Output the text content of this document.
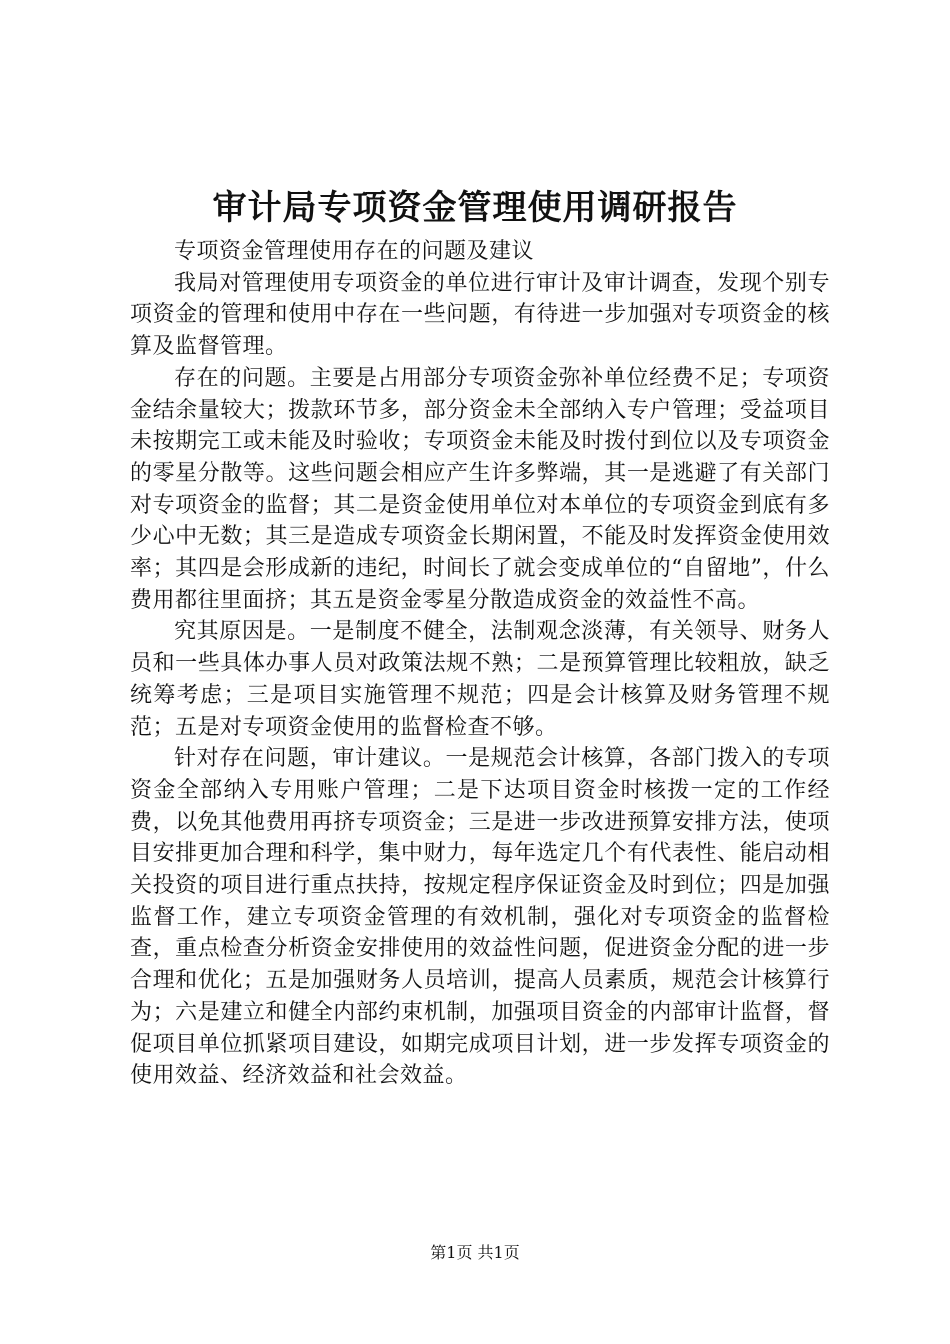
审计局专项资金管理使用调研报告

专项资金管理使用存在的问题及建议

我局对管理使用专项资金的单位进行审计及审计调查，发现个别专项资金的管理和使用中存在一些问题，有待进一步加强对专项资金的核算及监督管理。

存在的问题。主要是占用部分专项资金弥补单位经费不足；专项资金结余量较大；拨款环节多，部分资金未全部纳入专户管理；受益项目未按期完工或未能及时验收；专项资金未能及时拨付到位以及专项资金的零星分散等。这些问题会相应产生许多弊端，其一是逃避了有关部门对专项资金的监督；其二是资金使用单位对本单位的专项资金到底有多少心中无数；其三是造成专项资金长期闲置，不能及时发挥资金使用效率；其四是会形成新的违纪，时间长了就会变成单位的“自留地”，什么费用都往里面挤；其五是资金零星分散造成资金的效益性不高。

究其原因是。一是制度不健全，法制观念淡薄，有关领导、财务人员和一些具体办事人员对政策法规不熟；二是预算管理比较粗放，缺乏统筹考虑；三是项目实施管理不规范；四是会计核算及财务管理不规范；五是对专项资金使用的监督检查不够。

针对存在问题，审计建议。一是规范会计核算，各部门拨入的专项资金全部纳入专用账户管理；二是下达项目资金时核拨一定的工作经费，以免其他费用再挤专项资金；三是进一步改进预算安排方法，使项目安排更加合理和科学，集中财力，每年选定几个有代表性、能启动相关投资的项目进行重点扶持，按规定程序保证资金及时到位；四是加强监督工作，建立专项资金管理的有效机制，强化对专项资金的监督检查，重点检查分析资金安排使用的效益性问题，促进资金分配的进一步合理和优化；五是加强财务人员培训，提高人员素质，规范会计核算行为；六是建立和健全内部约束机制，加强项目资金的内部审计监督，督促项目单位抓紧项目建设，如期完成项目计划，进一步发挥专项资金的使用效益、经济效益和社会效益。

第1页 共1页
